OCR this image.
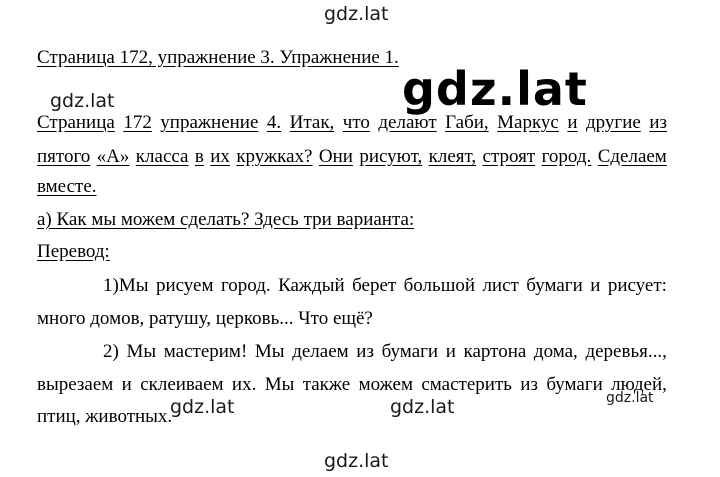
gdz.lat
gdz.lat	gdz.lat
gdz.lat	gdz.lat	gdz.lat
gdz.lat
Страница 172, упражнение 3. Упражнение 1.
Страница 172 упражнение 4. Итак, что делают Габи, Маркус и другие из
пятого «А» класса в их кружках? Они рисуют, клеят, строят город. Сделаем
вместе.
а) Как мы можем сделать? Здесь три варианта:
Перевод:
1)Мы рисуем город. Каждый берет большой лист бумаги и рисует:
много домов, ратушу, церковь... Что ещё?
2) Мы мастерим! Мы делаем из бумаги и картона дома, деревья...,
вырезаем и склеиваем их. Мы также можем смастерить из бумаги людей,
птиц, животных.
